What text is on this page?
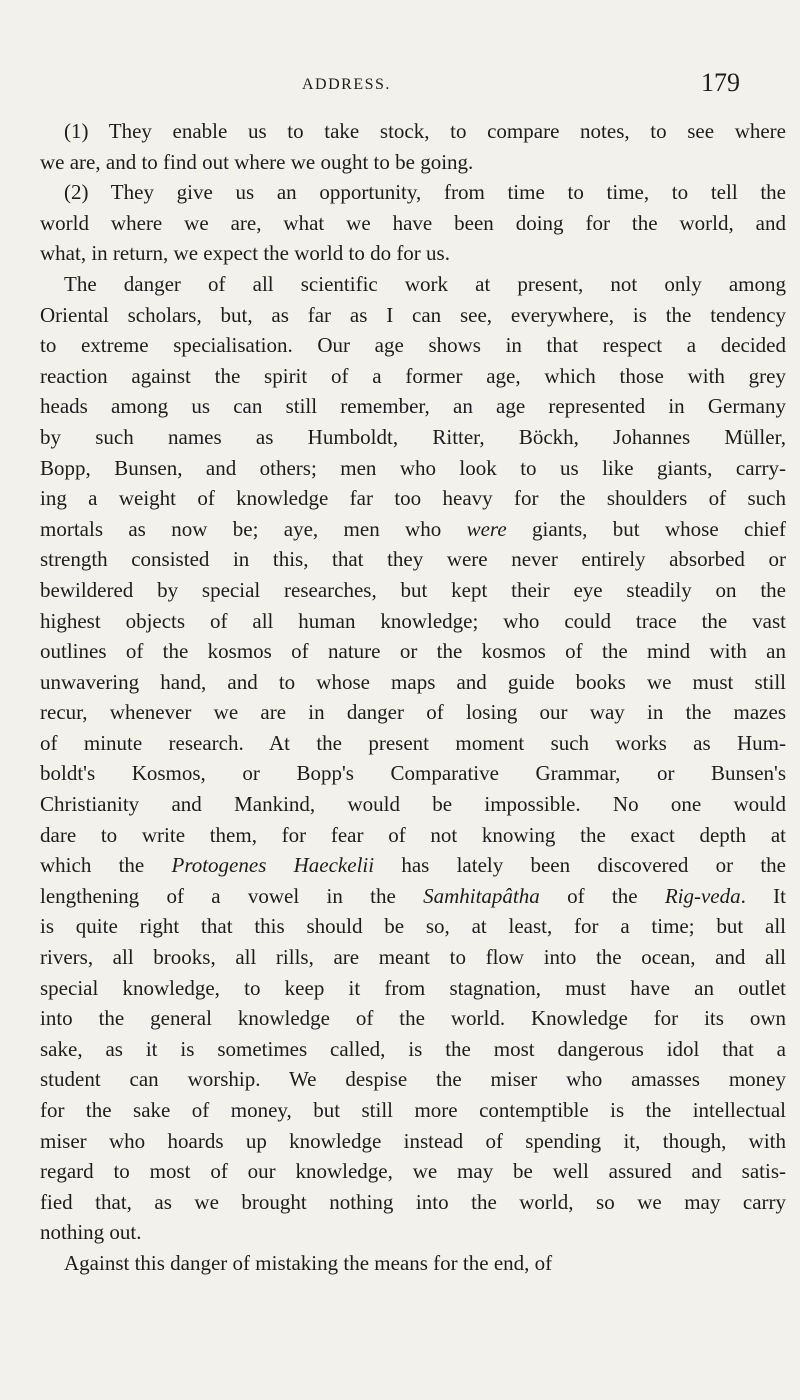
ADDRESS.	179
(1) They enable us to take stock, to compare notes, to see where
we are, and to find out where we ought to be going.
(2) They give us an opportunity, from time to time, to tell the
world where we are, what we have been doing for the world, and
what, in return, we expect the world to do for us.
The danger of all scientific work at present, not only among
Oriental scholars, but, as far as I can see, everywhere, is the tendency
to extreme specialisation. Our age shows in that respect a decided
reaction against the spirit of a former age, which those with grey
heads among us can still remember, an age represented in Germany
by such names as Humboldt, Ritter, Böckh, Johannes Müller,
Bopp, Bunsen, and others; men who look to us like giants, carry-
ing a weight of knowledge far too heavy for the shoulders of such
mortals as now be; aye, men who were giants, but whose chief
strength consisted in this, that they were never entirely absorbed or
bewildered by special researches, but kept their eye steadily on the
highest objects of all human knowledge; who could trace the vast
outlines of the kosmos of nature or the kosmos of the mind with an
unwavering hand, and to whose maps and guide books we must still
recur, whenever we are in danger of losing our way in the mazes
of minute research. At the present moment such works as Hum-
boldt's Kosmos, or Bopp's Comparative Grammar, or Bunsen's
Christianity and Mankind, would be impossible. No one would
dare to write them, for fear of not knowing the exact depth at
which the Protogenes Haeckelii has lately been discovered or the
lengthening of a vowel in the Samhitapâtha of the Rig-veda. It
is quite right that this should be so, at least, for a time; but all
rivers, all brooks, all rills, are meant to flow into the ocean, and all
special knowledge, to keep it from stagnation, must have an outlet
into the general knowledge of the world. Knowledge for its own
sake, as it is sometimes called, is the most dangerous idol that a
student can worship. We despise the miser who amasses money
for the sake of money, but still more contemptible is the intellectual
miser who hoards up knowledge instead of spending it, though, with
regard to most of our knowledge, we may be well assured and satis-
fied that, as we brought nothing into the world, so we may carry
nothing out.
Against this danger of mistaking the means for the end, of
